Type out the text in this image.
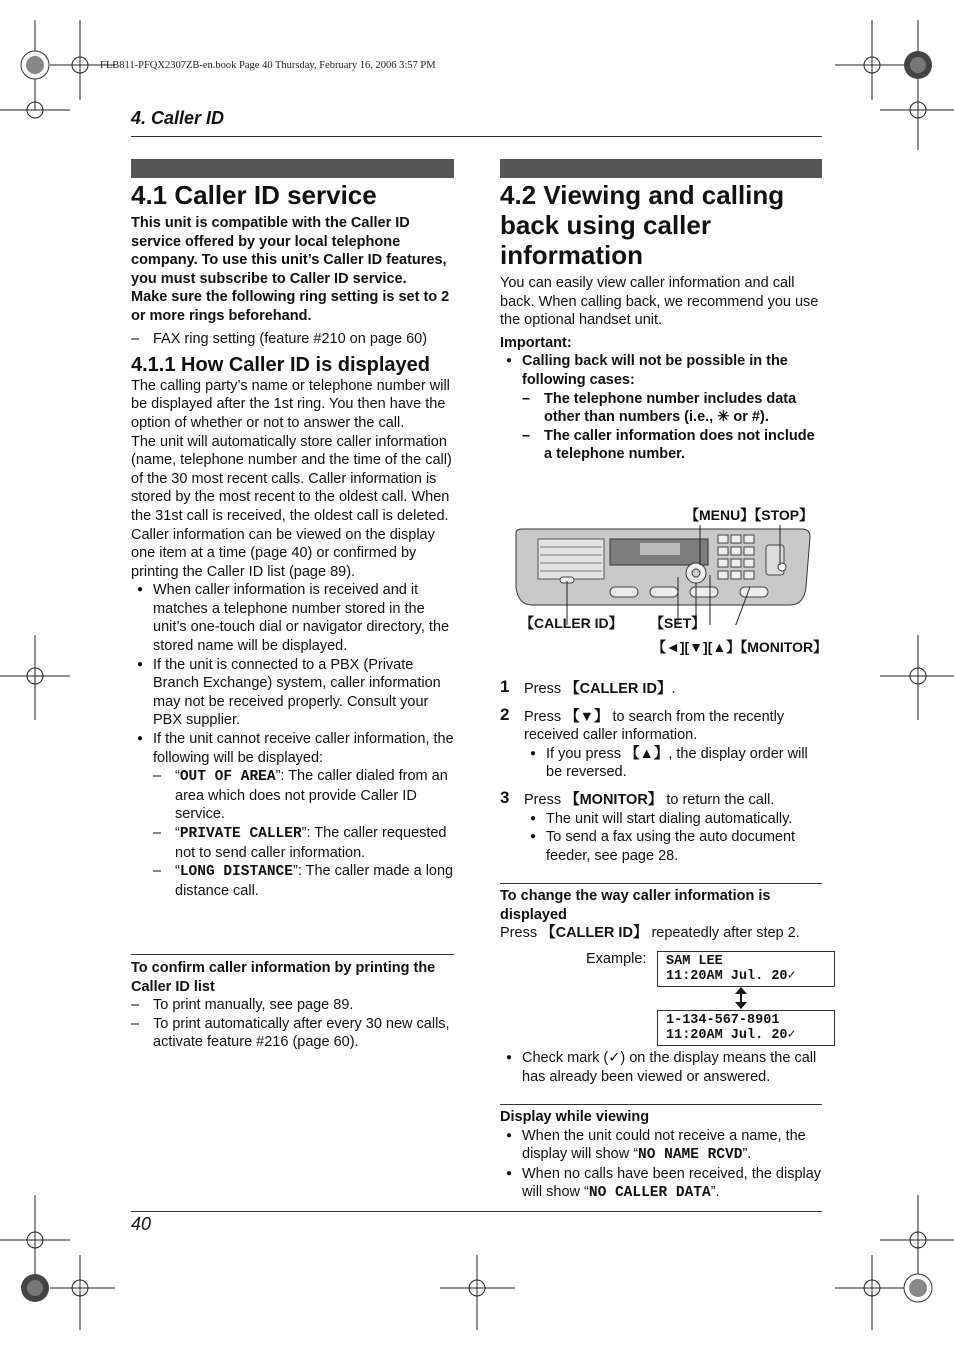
FLB811-PFQX2307ZB-en.book Page 40 Thursday, February 16, 2006 3:57 PM
4. Caller ID
4.1 Caller ID service

This unit is compatible with the Caller ID service offered by your local telephone company. To use this unit’s Caller ID features, you must subscribe to Caller ID service.

Make sure the following ring setting is set to 2 or more rings beforehand.

– FAX ring setting (feature #210 on page 60)

4.1.1 How Caller ID is displayed

The calling party’s name or telephone number will be displayed after the 1st ring. You then have the option of whether or not to answer the call.

The unit will automatically store caller information (name, telephone number and the time of the call) of the 30 most recent calls. Caller information is stored by the most recent to the oldest call. When the 31st call is received, the oldest call is deleted.

Caller information can be viewed on the display one item at a time (page 40) or confirmed by printing the Caller ID list (page 89).

● When caller information is received and it matches a telephone number stored in the unit’s one-touch dial or navigator directory, the stored name will be displayed.

● If the unit is connected to a PBX (Private Branch Exchange) system, caller information may not be received properly. Consult your PBX supplier.

● If the unit cannot receive caller information, the following will be displayed:

– “OUT OF AREA”: The caller dialed from an area which does not provide Caller ID service.

– “PRIVATE CALLER”: The caller requested not to send caller information.

– “LONG DISTANCE”: The caller made a long distance call.

To confirm caller information by printing the Caller ID list

– To print manually, see page 89.

– To print automatically after every 30 new calls, activate feature #216 (page 60).

4.2 Viewing and calling back using caller information

You can easily view caller information and call back. When calling back, we recommend you use the optional handset unit.

Important:

● Calling back will not be possible in the following cases:

– The telephone number includes data other than numbers (i.e., ✳ or #).

– The caller information does not include a telephone number.

【MENU】【STOP】
【CALLER ID】 【SET】
【◄][▼][▲】【MONITOR】
1	Press 【CALLER ID】.
2	Press 【▼】 to search from the recently received caller information.

● If you press 【▲】, the display order will be reversed.

3	Press 【MONITOR】 to return the call.

● The unit will start dialing automatically.

● To send a fax using the auto document feeder, see page 28.

To change the way caller information is displayed

Press 【CALLER ID】 repeatedly after step 2.

Example: SAM LEE
11:20AM Jul. 20✓
1-134-567-8901
11:20AM Jul. 20✓

● Check mark (✓) on the display means the call has already been viewed or answered.

Display while viewing

● When the unit could not receive a name, the display will show “NO NAME RCVD”.

● When no calls have been received, the display will show “NO CALLER DATA”.

40
